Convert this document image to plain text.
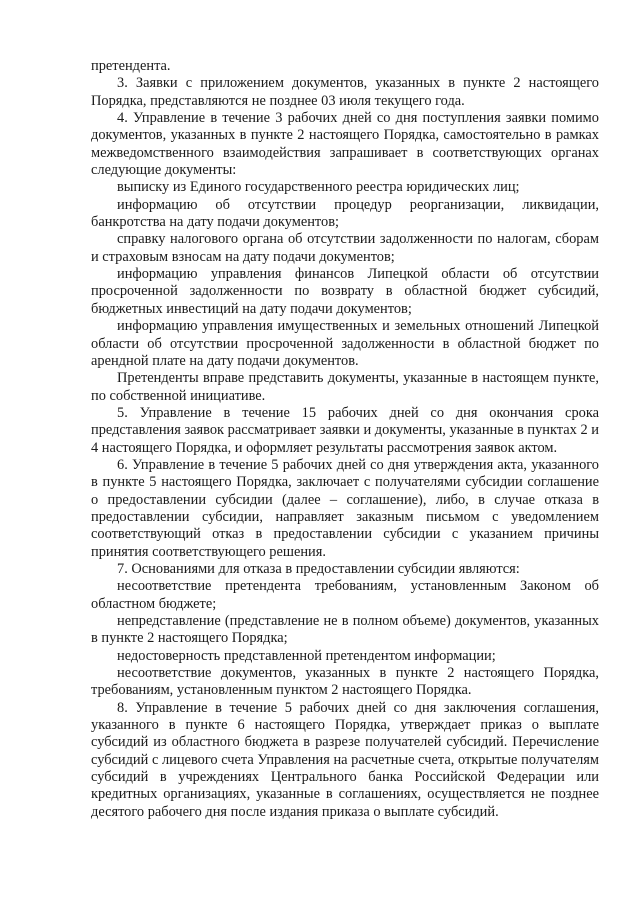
претендента.

3. Заявки с приложением документов, указанных в пункте 2 настоящего Порядка, представляются не позднее 03 июля текущего года.

4. Управление в течение 3 рабочих дней со дня поступления заявки помимо документов, указанных в пункте 2 настоящего Порядка, самостоятельно в рамках межведомственного взаимодействия запрашивает в соответствующих органах следующие документы:

выписку из Единого государственного реестра юридических лиц;

информацию об отсутствии процедур реорганизации, ликвидации, банкротства на дату подачи документов;

справку налогового органа об отсутствии задолженности по налогам, сборам и страховым взносам на дату подачи документов;

информацию управления финансов Липецкой области об отсутствии просроченной задолженности по возврату в областной бюджет субсидий, бюджетных инвестиций на дату подачи документов;

информацию управления имущественных и земельных отношений Липецкой области об отсутствии просроченной задолженности в областной бюджет по арендной плате на дату подачи документов.

Претенденты вправе представить документы, указанные в настоящем пункте, по собственной инициативе.

5. Управление в течение 15 рабочих дней со дня окончания срока представления заявок рассматривает заявки и документы, указанные в пунктах 2 и 4 настоящего Порядка, и оформляет результаты рассмотрения заявок актом.

6. Управление в течение 5 рабочих дней со дня утверждения акта, указанного в пункте 5 настоящего Порядка, заключает с получателями субсидии соглашение о предоставлении субсидии (далее – соглашение), либо, в случае отказа в предоставлении субсидии, направляет заказным письмом с уведомлением соответствующий отказ в предоставлении субсидии с указанием причины принятия соответствующего решения.

7. Основаниями для отказа в предоставлении субсидии являются:

несоответствие претендента требованиям, установленным Законом об областном бюджете;

непредставление (представление не в полном объеме) документов, указанных в пункте 2 настоящего Порядка;

недостоверность представленной претендентом информации;

несоответствие документов, указанных в пункте 2 настоящего Порядка, требованиям, установленным пунктом 2 настоящего Порядка.

8. Управление в течение 5 рабочих дней со дня заключения соглашения, указанного в пункте 6 настоящего Порядка, утверждает приказ о выплате субсидий из областного бюджета в разрезе получателей субсидий. Перечисление субсидий с лицевого счета Управления на расчетные счета, открытые получателям субсидий в учреждениях Центрального банка Российской Федерации или кредитных организациях, указанные в соглашениях, осуществляется не позднее десятого рабочего дня после издания приказа о выплате субсидий.
